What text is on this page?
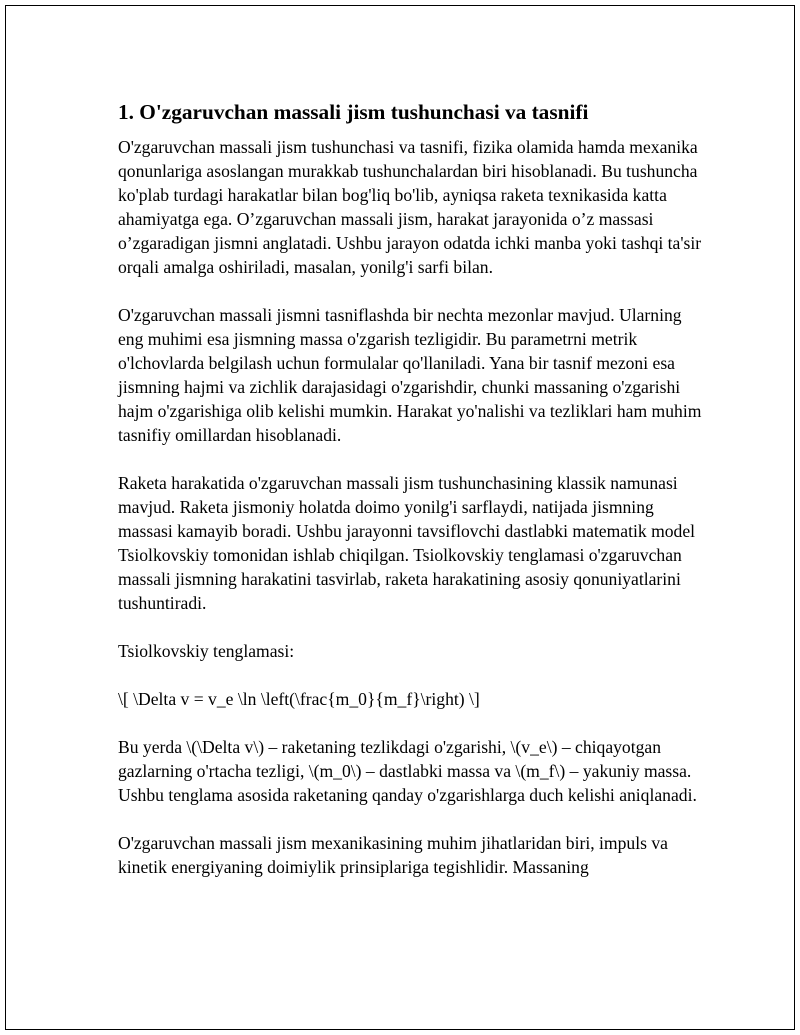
1. O'zgaruvchan massali jism tushunchasi va tasnifi

O'zgaruvchan massali jism tushunchasi va tasnifi, fizika olamida hamda mexanika qonunlariga asoslangan murakkab tushunchalardan biri hisoblanadi. Bu tushuncha ko'plab turdagi harakatlar bilan bog'liq bo'lib, ayniqsa raketa texnikasida katta ahamiyatga ega. O’zgaruvchan massali jism, harakat jarayonida o’z massasi o’zgaradigan jismni anglatadi. Ushbu jarayon odatda ichki manba yoki tashqi ta'sir orqali amalga oshiriladi, masalan, yonilg'i sarfi bilan.

O'zgaruvchan massali jismni tasniflashda bir nechta mezonlar mavjud. Ularning eng muhimi esa jismning massa o'zgarish tezligidir. Bu parametrni metrik o'lchovlarda belgilash uchun formulalar qo'llaniladi. Yana bir tasnif mezoni esa jismning hajmi va zichlik darajasidagi o'zgarishdir, chunki massaning o'zgarishi hajm o'zgarishiga olib kelishi mumkin. Harakat yo'nalishi va tezliklari ham muhim tasnifiy omillardan hisoblanadi.

Raketa harakatida o'zgaruvchan massali jism tushunchasining klassik namunasi mavjud. Raketa jismoniy holatda doimo yonilg'i sarflaydi, natijada jismning massasi kamayib boradi. Ushbu jarayonni tavsiflovchi dastlabki matematik model Tsiolkovskiy tomonidan ishlab chiqilgan. Tsiolkovskiy tenglamasi o'zgaruvchan massali jismning harakatini tasvirlab, raketa harakatining asosiy qonuniyatlarini tushuntiradi.

Tsiolkovskiy tenglamasi:

\[ \Delta v = v_e \ln \left(\frac{m_0}{m_f}\right) \]

Bu yerda \(\Delta v\) – raketaning tezlikdagi o'zgarishi, \(v_e\) – chiqayotgan gazlarning o'rtacha tezligi, \(m_0\) – dastlabki massa va \(m_f\) – yakuniy massa. Ushbu tenglama asosida raketaning qanday o'zgarishlarga duch kelishi aniqlanadi.

O'zgaruvchan massali jism mexanikasining muhim jihatlaridan biri, impuls va kinetik energiyaning doimiylik prinsiplariga tegishlidir. Massaning
